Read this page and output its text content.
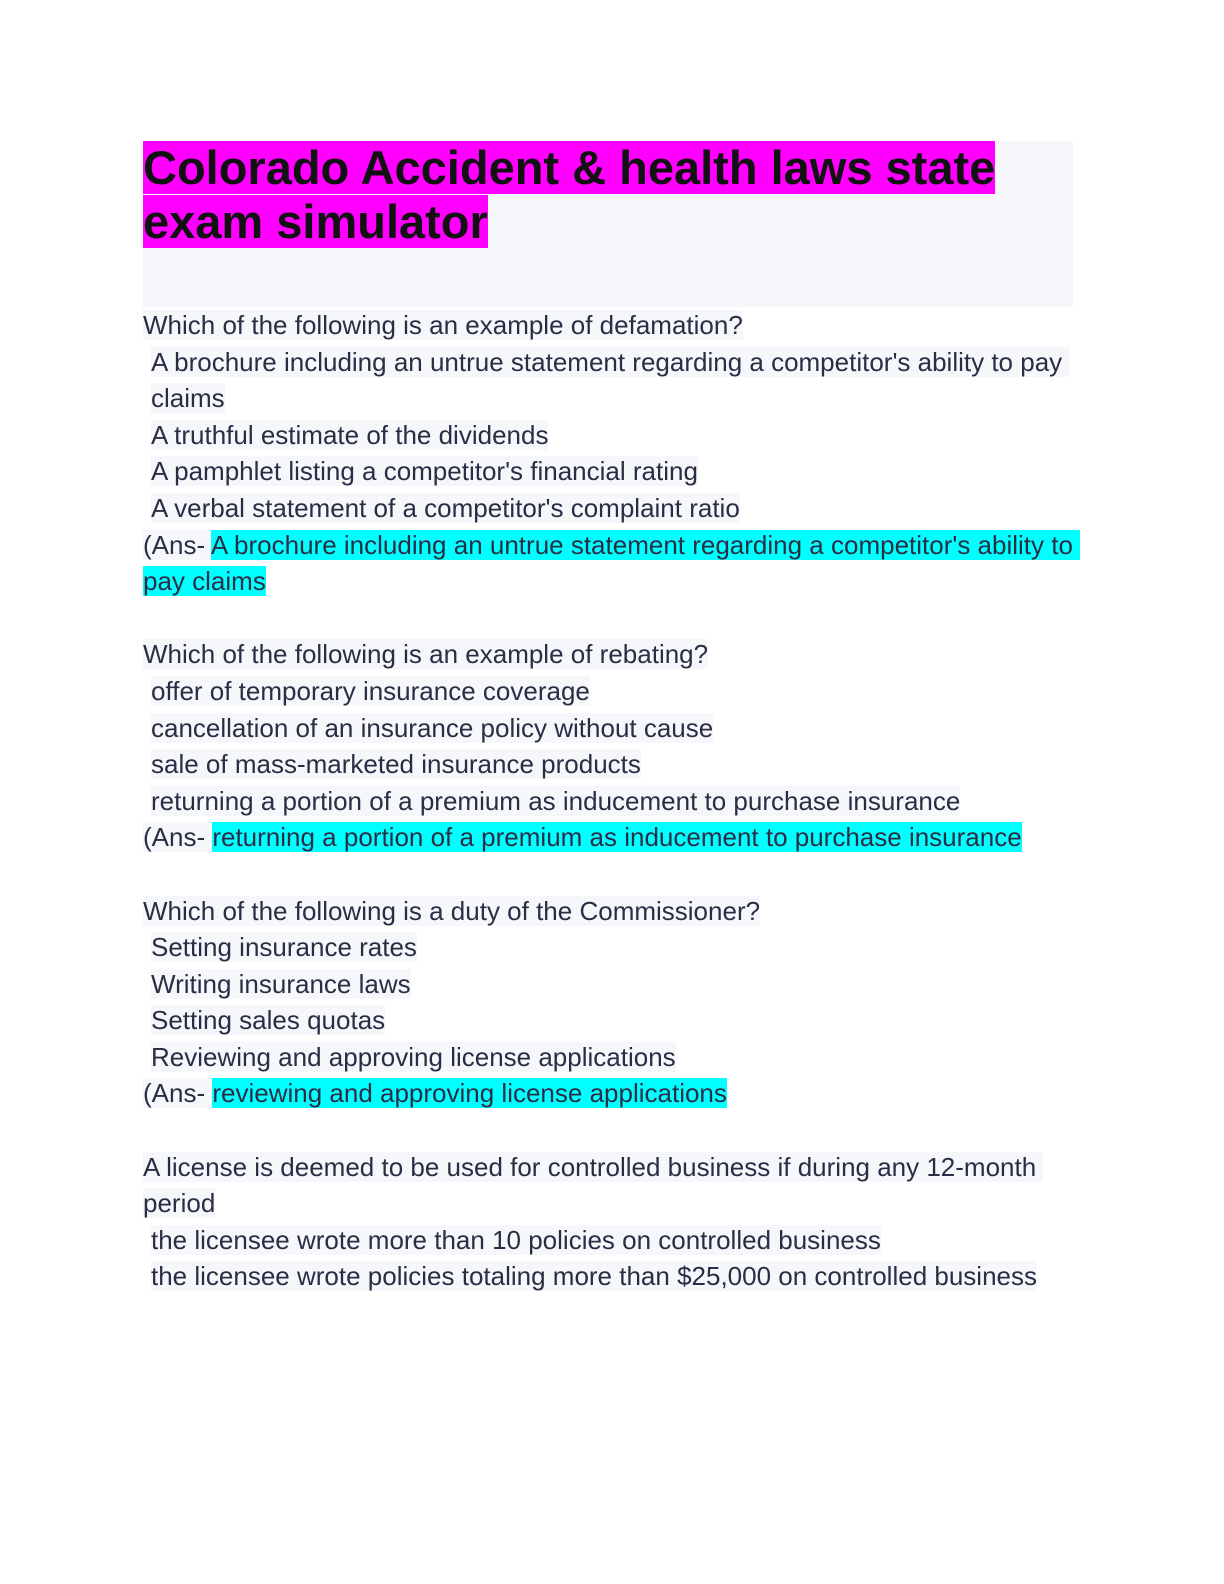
Colorado Accident & health laws state exam simulator
Which of the following is an example of defamation?
A brochure including an untrue statement regarding a competitor's ability to pay claims
A truthful estimate of the dividends
A pamphlet listing a competitor's financial rating
A verbal statement of a competitor's complaint ratio
(Ans- A brochure including an untrue statement regarding a competitor's ability to pay claims
Which of the following is an example of rebating?
offer of temporary insurance coverage
cancellation of an insurance policy without cause
sale of mass-marketed insurance products
returning a portion of a premium as inducement to purchase insurance
(Ans- returning a portion of a premium as inducement to purchase insurance
Which of the following is a duty of the Commissioner?
Setting insurance rates
Writing insurance laws
Setting sales quotas
Reviewing and approving license applications
(Ans- reviewing and approving license applications
A license is deemed to be used for controlled business if during any 12-month period
the licensee wrote more than 10 policies on controlled business
the licensee wrote policies totaling more than $25,000 on controlled business
